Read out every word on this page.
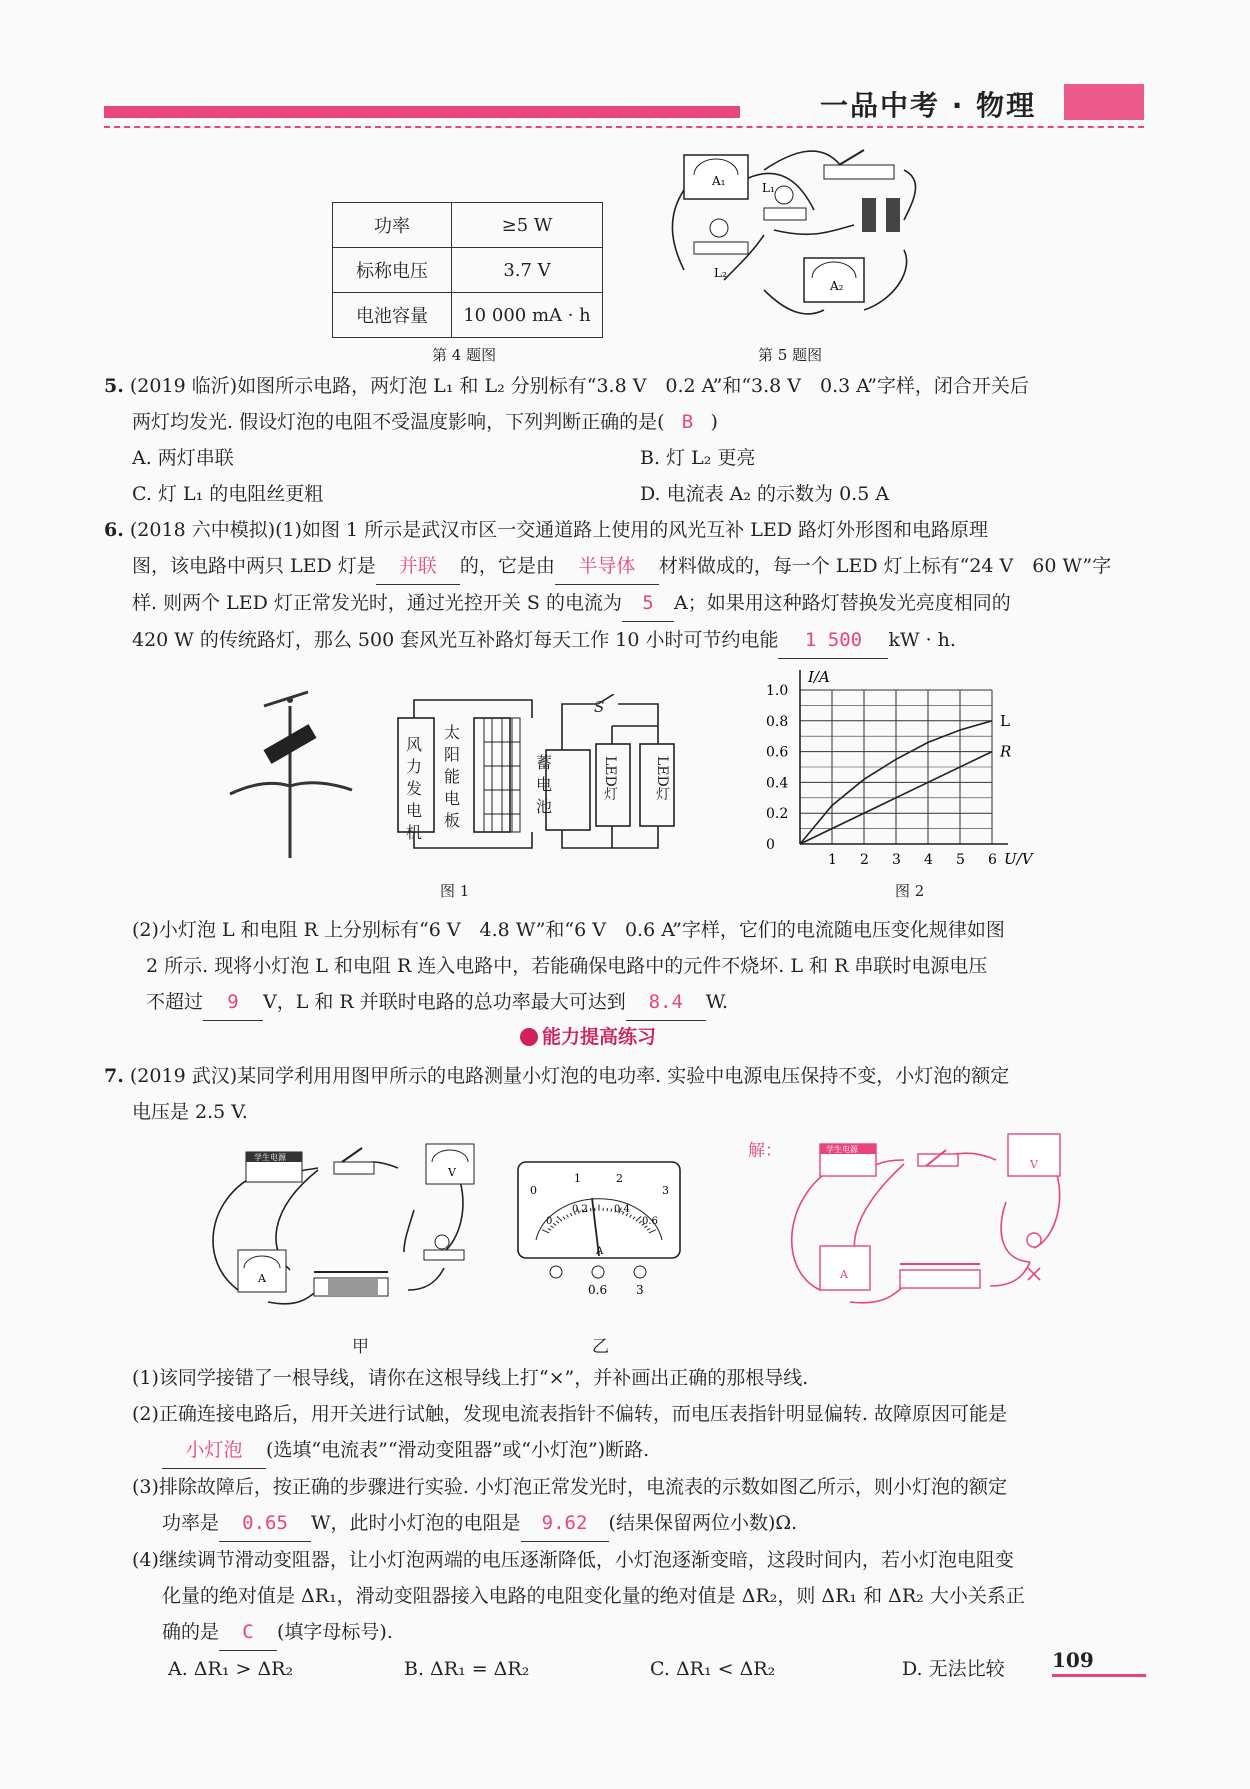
一品中考 · 物理
功率	≥5 W
标称电压	3.7 V
电池容量	10 000 mA · h
第 4 题图
A₁	L₁
L₂
A₂
第 5 题图
5. (2019 临沂)如图所示电路，两灯泡 L₁ 和 L₂ 分别标有“3.8 V　0.2 A”和“3.8 V　0.3 A”字样，闭合开关后
两灯均发光. 假设灯泡的电阻不受温度影响，下列判断正确的是( B )
A. 两灯串联	B. 灯 L₂ 更亮
C. 灯 L₁ 的电阻丝更粗	D. 电流表 A₂ 的示数为 0.5 A
6. (2018 六中模拟)(1)如图 1 所示是武汉市区一交通道路上使用的风光互补 LED 路灯外形图和电路原理
图，该电路中两只 LED 灯是 并联 的，它是由 半导体 材料做成的，每一个 LED 灯上标有“24 V　60 W”字
样. 则两个 LED 灯正常发光时，通过光控开关 S 的电流为 5 A；如果用这种路灯替换发光亮度相同的
420 W 的传统路灯，那么 500 套风光互补路灯每天工作 10 小时可节约电能 1 500 kW · h.
风力发电机
太阳能电板
蓄电池
LED灯	LED灯
S
图 1
1 2 3 4 5 6
0
0.2
0.4
0.6
0.8
1.0
L
R
U/V
I/A
图 2
(2)小灯泡 L 和电阻 R 上分别标有“6 V　4.8 W”和“6 V　0.6 A”字样，它们的电流随电压变化规律如图
2 所示. 现将小灯泡 L 和电阻 R 连入电路中，若能确保电路中的元件不烧坏. L 和 R 串联时电源电压
不超过 9 V，L 和 R 并联时电路的总功率最大可达到 8.4 W.
能力提高练习
7. (2019 武汉)某同学利用用图甲所示的电路测量小灯泡的电功率. 实验中电源电压保持不变，小灯泡的额定
电压是 2.5 V.
学生电源
V
A
甲
0
1	2
3
0
0.2	0.4
0.6
A
0.6 3
乙
解：	学生电源
V
A
(1)该同学接错了一根导线，请你在这根导线上打“×”，并补画出正确的那根导线.
(2)正确连接电路后，用开关进行试触，发现电流表指针不偏转，而电压表指针明显偏转. 故障原因可能是
小灯泡 (选填“电流表”“滑动变阻器”或“小灯泡”)断路.
(3)排除故障后，按正确的步骤进行实验. 小灯泡正常发光时，电流表的示数如图乙所示，则小灯泡的额定
功率是 0.65 W，此时小灯泡的电阻是 9.62 (结果保留两位小数)Ω.
(4)继续调节滑动变阻器，让小灯泡两端的电压逐渐降低，小灯泡逐渐变暗，这段时间内，若小灯泡电阻变
化量的绝对值是 ΔR₁，滑动变阻器接入电路的电阻变化量的绝对值是 ΔR₂，则 ΔR₁ 和 ΔR₂ 大小关系正
确的是 C (填字母标号).
A. ΔR₁ > ΔR₂	B. ΔR₁ = ΔR₂	C. ΔR₁ < ΔR₂	D. 无法比较 109
